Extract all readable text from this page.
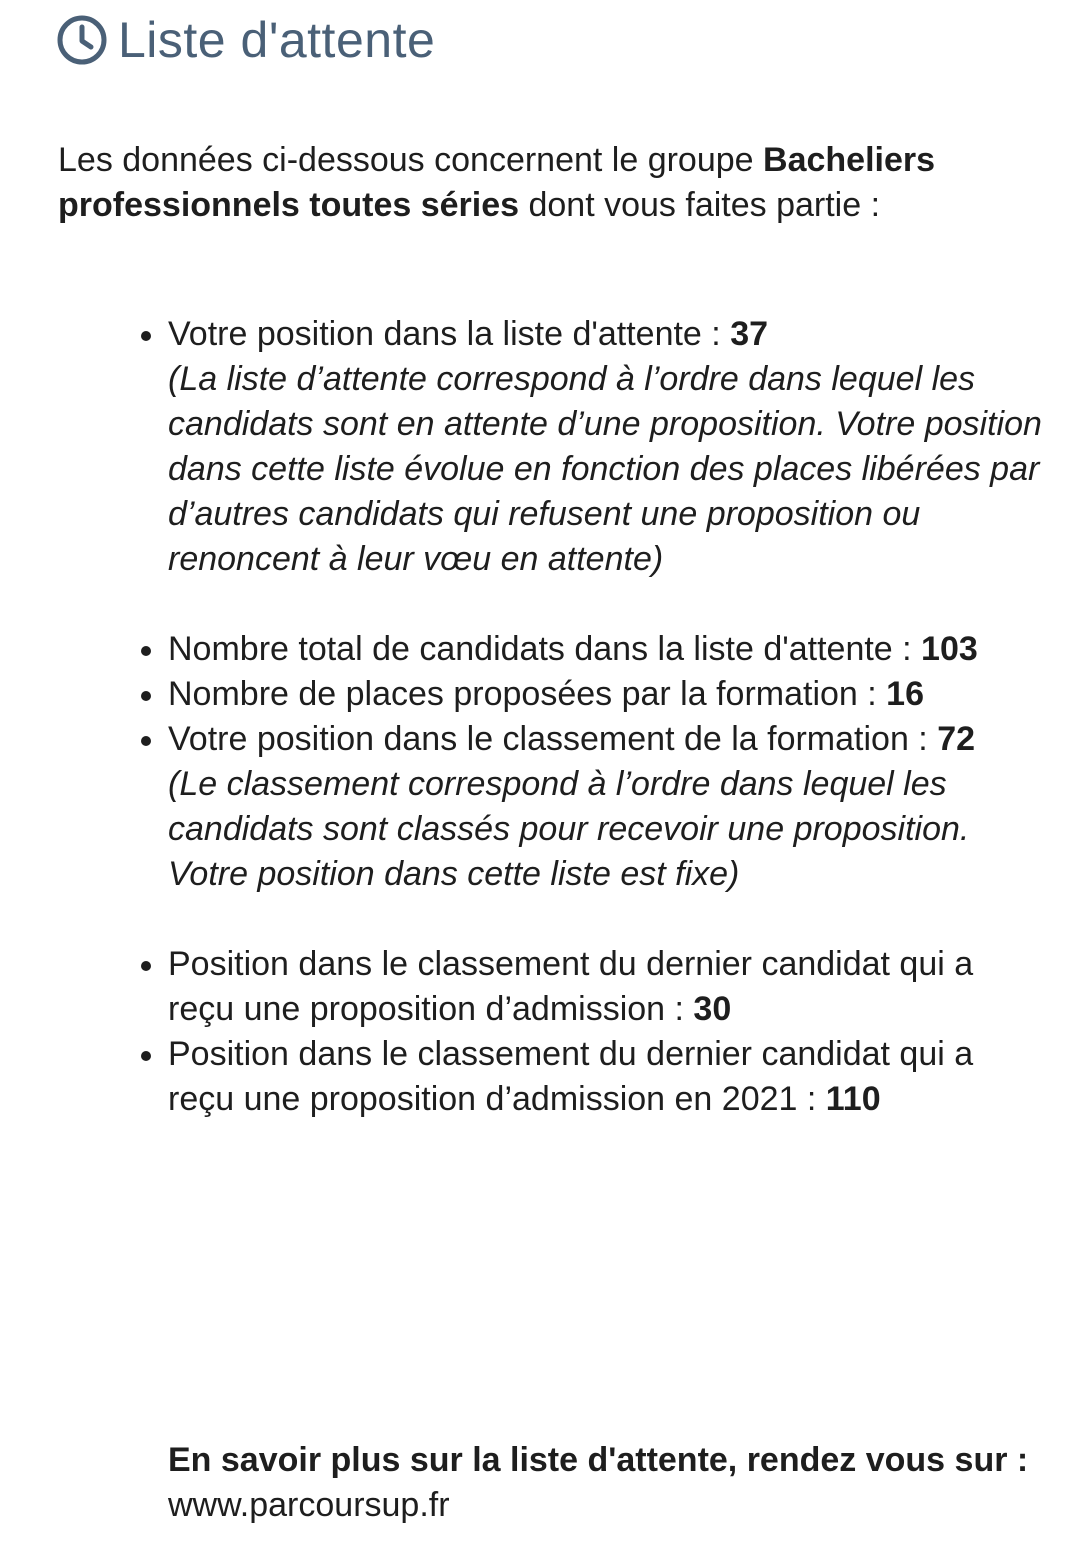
Liste d'attente

Les données ci-dessous concernent le groupe Bacheliers professionnels toutes séries dont vous faites partie :

Votre position dans la liste d'attente : 37
(La liste d’attente correspond à l’ordre dans lequel les candidats sont en attente d’une proposition. Votre position dans cette liste évolue en fonction des places libérées par d’autres candidats qui refusent une proposition ou renoncent à leur vœu en attente)
Nombre total de candidats dans la liste d'attente : 103
Nombre de places proposées par la formation : 16
Votre position dans le classement de la formation : 72
(Le classement correspond à l’ordre dans lequel les candidats sont classés pour recevoir une proposition. Votre position dans cette liste est fixe)
Position dans le classement du dernier candidat qui a reçu une proposition d’admission : 30
Position dans le classement du dernier candidat qui a reçu une proposition d’admission en 2021 : 110

En savoir plus sur la liste d'attente, rendez vous sur : www.parcoursup.fr
